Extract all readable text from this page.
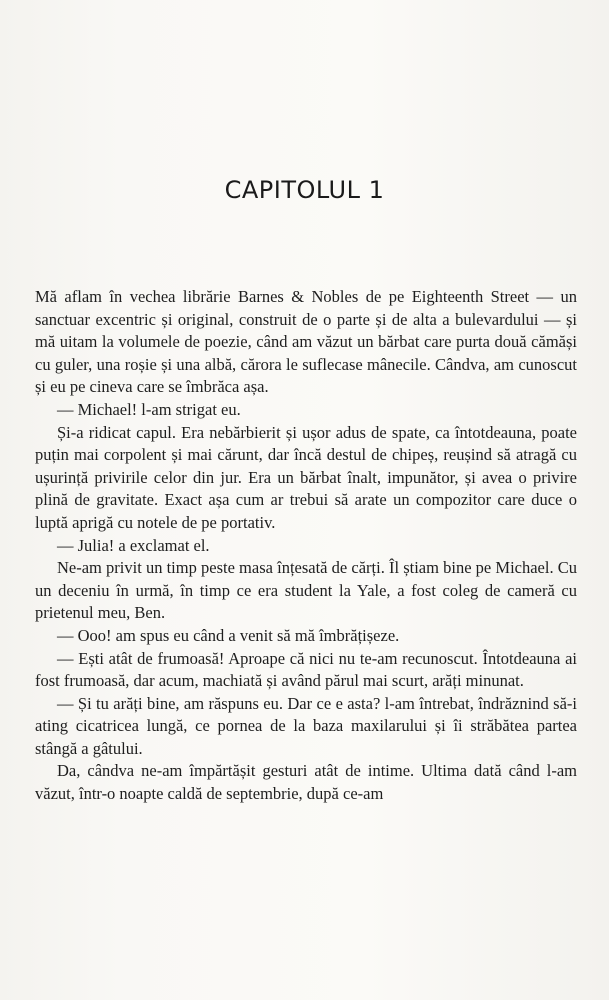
CAPITOLUL 1

Mă aflam în vechea librărie Barnes & Nobles de pe Eighteenth Street — un sanctuar excentric și original, construit de o parte și de alta a bulevardului — și mă uitam la volumele de poezie, când am văzut un bărbat care purta două cămăși cu guler, una roșie și una albă, cărora le suflecase mânecile. Cândva, am cunoscut și eu pe cineva care se îmbrăca așa.

— Michael! l-am strigat eu.

Și-a ridicat capul. Era nebărbierit și ușor adus de spate, ca întotdeauna, poate puțin mai corpolent și mai cărunt, dar încă destul de chipeș, reușind să atragă cu ușurință privirile celor din jur. Era un bărbat înalt, impunător, și avea o privire plină de gravitate. Exact așa cum ar trebui să arate un compozitor care duce o luptă aprigă cu notele de pe portativ.

— Julia! a exclamat el.

Ne-am privit un timp peste masa înțesată de cărți. Îl știam bine pe Michael. Cu un deceniu în urmă, în timp ce era student la Yale, a fost coleg de cameră cu prietenul meu, Ben.

— Ooo! am spus eu când a venit să mă îmbrățișeze.

— Ești atât de frumoasă! Aproape că nici nu te-am recunoscut. Întotdeauna ai fost frumoasă, dar acum, machiată și având părul mai scurt, arăți minunat.

— Și tu arăți bine, am răspuns eu. Dar ce e asta? l-am întrebat, îndrăznind să-i ating cicatricea lungă, ce pornea de la baza maxilarului și îi străbătea partea stângă a gâtului.

Da, cândva ne-am împărtășit gesturi atât de intime. Ultima dată când l-am văzut, într-o noapte caldă de septembrie, după ce-am
